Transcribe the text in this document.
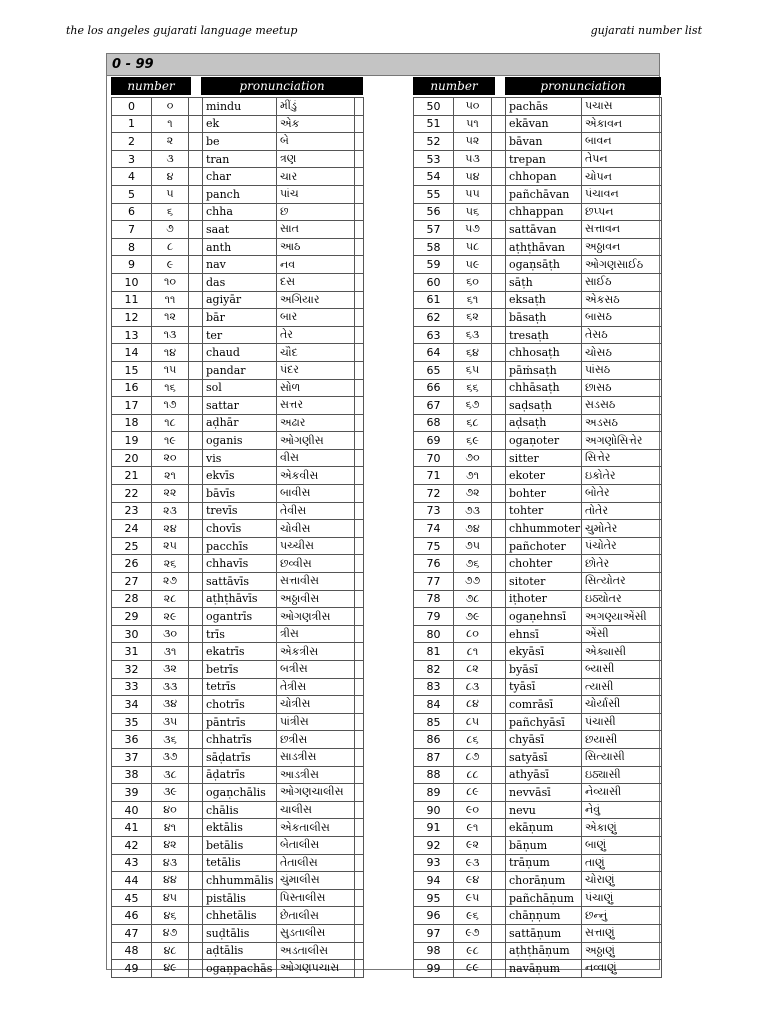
the los angeles gujarati language meetup	gujarati number list
0 - 99
number	pronunciation
0	૦		mindu	મીંડું	
1	૧		ek	એક	
2	૨		be	બે	
3	૩		tran	ત્રણ	
4	૪		char	ચાર	
5	૫		panch	પાંચ	
6	૬		chha	છ	
7	૭		saat	સાત	
8	૮		anth	આઠ	
9	૯		nav	નવ	
10	૧૦		das	દસ	
11	૧૧		agiyār	અગિયાર	
12	૧૨		bār	બાર	
13	૧૩		ter	તેર	
14	૧૪		chaud	ચૌદ	
15	૧૫		pandar	પંદર	
16	૧૬		sol	સોળ	
17	૧૭		sattar	સત્તર	
18	૧૮		aḍhār	અઢાર	
19	૧૯		oganis	ઓગણીસ	
20	૨૦		vis	વીસ	
21	૨૧		ekvīs	એકવીસ	
22	૨૨		bāvīs	બાવીસ	
23	૨૩		trevīs	તેવીસ	
24	૨૪		chovīs	ચોવીસ	
25	૨૫		pacchīs	પચ્ચીસ	
26	૨૬		chhavīs	છવ્વીસ	
27	૨૭		sattāvīs	સત્તાવીસ	
28	૨૮		aṭhṭhāvīs	અઠ્ઠાવીસ	
29	૨૯		ogantrīs	ઓગણત્રીસ	
30	૩૦		trīs	ત્રીસ	
31	૩૧		ekatrīs	એકત્રીસ	
32	૩૨		betrīs	બત્રીસ	
33	૩૩		tetrīs	તેત્રીસ	
34	૩૪		chotrīs	ચોત્રીસ	
35	૩૫		pāntrīs	પાંત્રીસ	
36	૩૬		chhatrīs	છત્રીસ	
37	૩૭		sāḍatrīs	સાડત્રીસ	
38	૩૮		āḍatrīs	આડત્રીસ	
39	૩૯		ogaṇchālis	ઓગણચાલીસ	
40	૪૦		chālis	ચાલીસ	
41	૪૧		ektālis	એકતાલીસ	
42	૪૨		betālis	બેતાલીસ	
43	૪૩		tetālis	તેતાલીસ	
44	૪૪		chhummālis	ચુંમાલીસ	
45	૪૫		pistālis	પિસ્તાલીસ	
46	૪૬		chhetālis	છેતાલીસ	
47	૪૭		suḍtālis	સુડતાલીસ	
48	૪૮		aḍtālis	અડતાલીસ	
49	૪૯		ogaṇpachās	ઓગણપચાસ	
number	pronunciation
50	૫૦		pachās	પચાસ
51	૫૧		ekāvan	એકાવન
52	૫૨		bāvan	બાવન
53	૫૩		trepan	તેપન
54	૫૪		chhopan	ચોપન
55	૫૫		pañchāvan	પંચાવન
56	૫૬		chhappan	છપ્પન
57	૫૭		sattāvan	સત્તાવન
58	૫૮		aṭhṭhāvan	અઠ્ઠાવન
59	૫૯		ogaṇsāṭh	ઓગણસાઈઠ
60	૬૦		sāṭh	સાઈઠ
61	૬૧		eksaṭh	એકસઠ
62	૬૨		bāsaṭh	બાસઠ
63	૬૩		tresaṭh	તેસઠ
64	૬૪		chhosaṭh	ચોસઠ
65	૬૫		pāṁsaṭh	પાંસઠ
66	૬૬		chhāsaṭh	છાસઠ
67	૬૭		saḍsaṭh	સડસઠ
68	૬૮		aḍsaṭh	અડસઠ
69	૬૯		ogaṇoter	અગણોસિત્તેર
70	૭૦		sitter	સિત્તેર
71	૭૧		ekoter	ઇકોતેર
72	૭૨		bohter	બોતેર
73	૭૩		tohter	તોતેર
74	૭૪		chhummoter	ચુમોતેર
75	૭૫		pañchoter	પંચોતેર
76	૭૬		chohter	છોતેર
77	૭૭		sitoter	સિત્યોતર
78	૭૮		iṭhoter	ઇઠ્યોતર
79	૭૯		ogaṇehnsī	અગણ્યાએંસી
80	૮૦		ehnsī	એંસી
81	૮૧		ekyāsī	એક્યાસી
82	૮૨		byāsī	બ્યાસી
83	૮૩		tyāsī	ત્યાસી
84	૮૪		comrāsī	ચોર્યાસી
85	૮૫		pañchyāsī	પંચાસી
86	૮૬		chyāsī	છયાસી
87	૮૭		satyāsī	સિત્યાસી
88	૮૮		athyāsī	ઇઠ્યાસી
89	૮૯		nevvāsī	નેવ્યાસી
90	૯૦		nevu	નેવું
91	૯૧		ekāṇum	એકાણું
92	૯૨		bāṇum	બાણું
93	૯૩		trāṇum	તાણું
94	૯૪		chorāṇum	ચોરાણું
95	૯૫		pañchāṇum	પંચાણું
96	૯૬		chāṇṇum	છન્નું
97	૯૭		sattāṇum	સત્તાણું
98	૯૮		aṭhṭhāṇum	અઠ્ઠાણું
99	૯૯		navāṇum	નવ્વાણું
